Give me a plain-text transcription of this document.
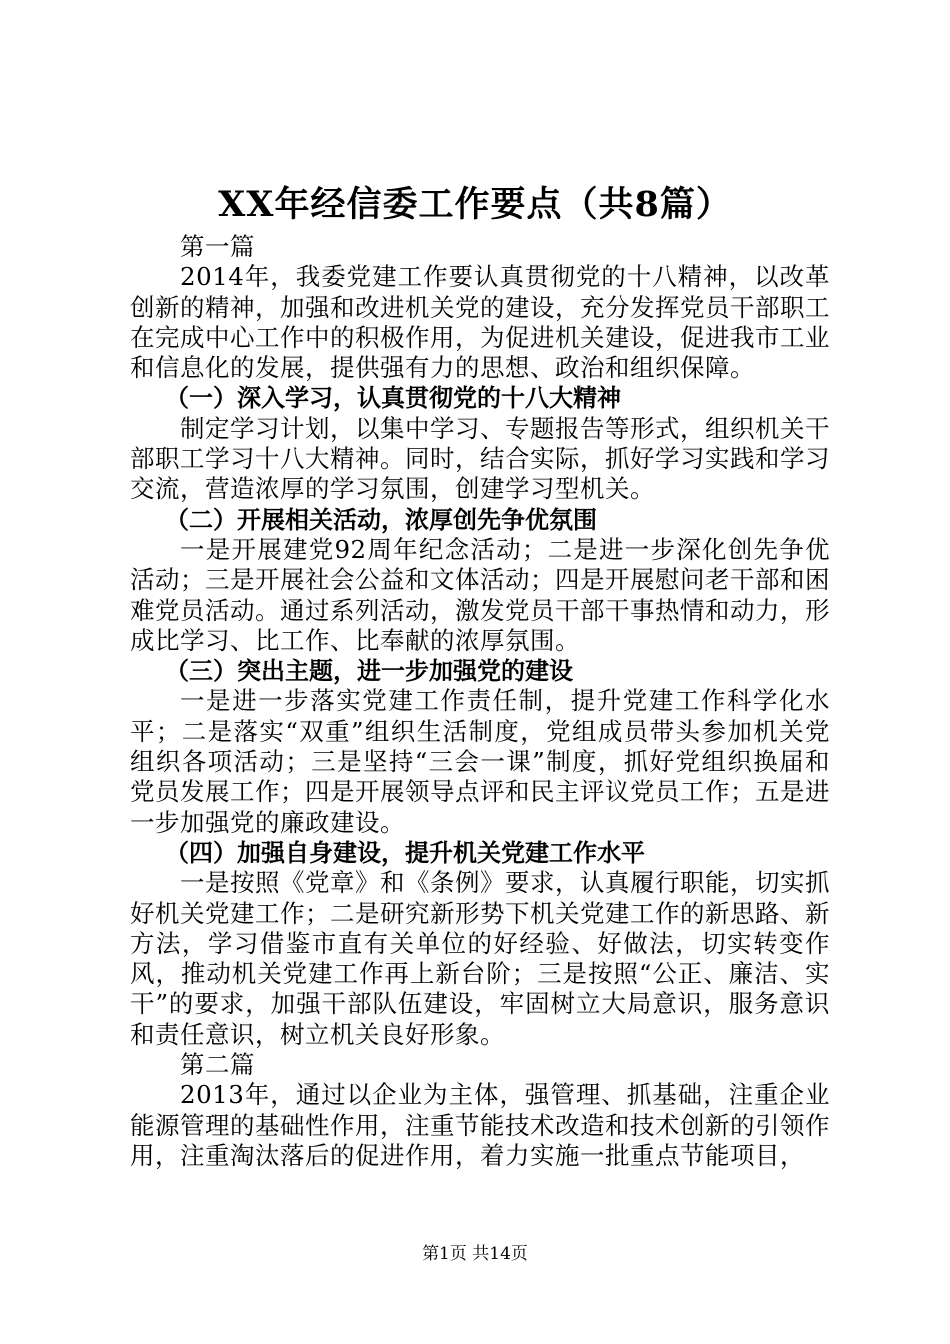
XX年经信委工作要点（共8篇）

第一篇

2014年，我委党建工作要认真贯彻党的十八精神，以改革创新的精神，加强和改进机关党的建设，充分发挥党员干部职工在完成中心工作中的积极作用，为促进机关建设，促进我市工业和信息化的发展，提供强有力的思想、政治和组织保障。

（一）深入学习，认真贯彻党的十八大精神

制定学习计划，以集中学习、专题报告等形式，组织机关干部职工学习十八大精神。同时，结合实际，抓好学习实践和学习交流，营造浓厚的学习氛围，创建学习型机关。

（二）开展相关活动，浓厚创先争优氛围

一是开展建党92周年纪念活动；二是进一步深化创先争优活动；三是开展社会公益和文体活动；四是开展慰问老干部和困难党员活动。通过系列活动，激发党员干部干事热情和动力，形成比学习、比工作、比奉献的浓厚氛围。

（三）突出主题，进一步加强党的建设

一是进一步落实党建工作责任制，提升党建工作科学化水平；二是落实“双重”组织生活制度，党组成员带头参加机关党组织各项活动；三是坚持“三会一课”制度，抓好党组织换届和党员发展工作；四是开展领导点评和民主评议党员工作；五是进一步加强党的廉政建设。

（四）加强自身建设，提升机关党建工作水平

一是按照《党章》和《条例》要求，认真履行职能，切实抓好机关党建工作；二是研究新形势下机关党建工作的新思路、新方法，学习借鉴市直有关单位的好经验、好做法，切实转变作风，推动机关党建工作再上新台阶；三是按照“公正、廉洁、实干”的要求，加强干部队伍建设，牢固树立大局意识，服务意识和责任意识，树立机关良好形象。

第二篇

2013年，通过以企业为主体，强管理、抓基础，注重企业能源管理的基础性作用，注重节能技术改造和技术创新的引领作用，注重淘汰落后的促进作用，着力实施一批重点节能项目，

第1页 共14页
